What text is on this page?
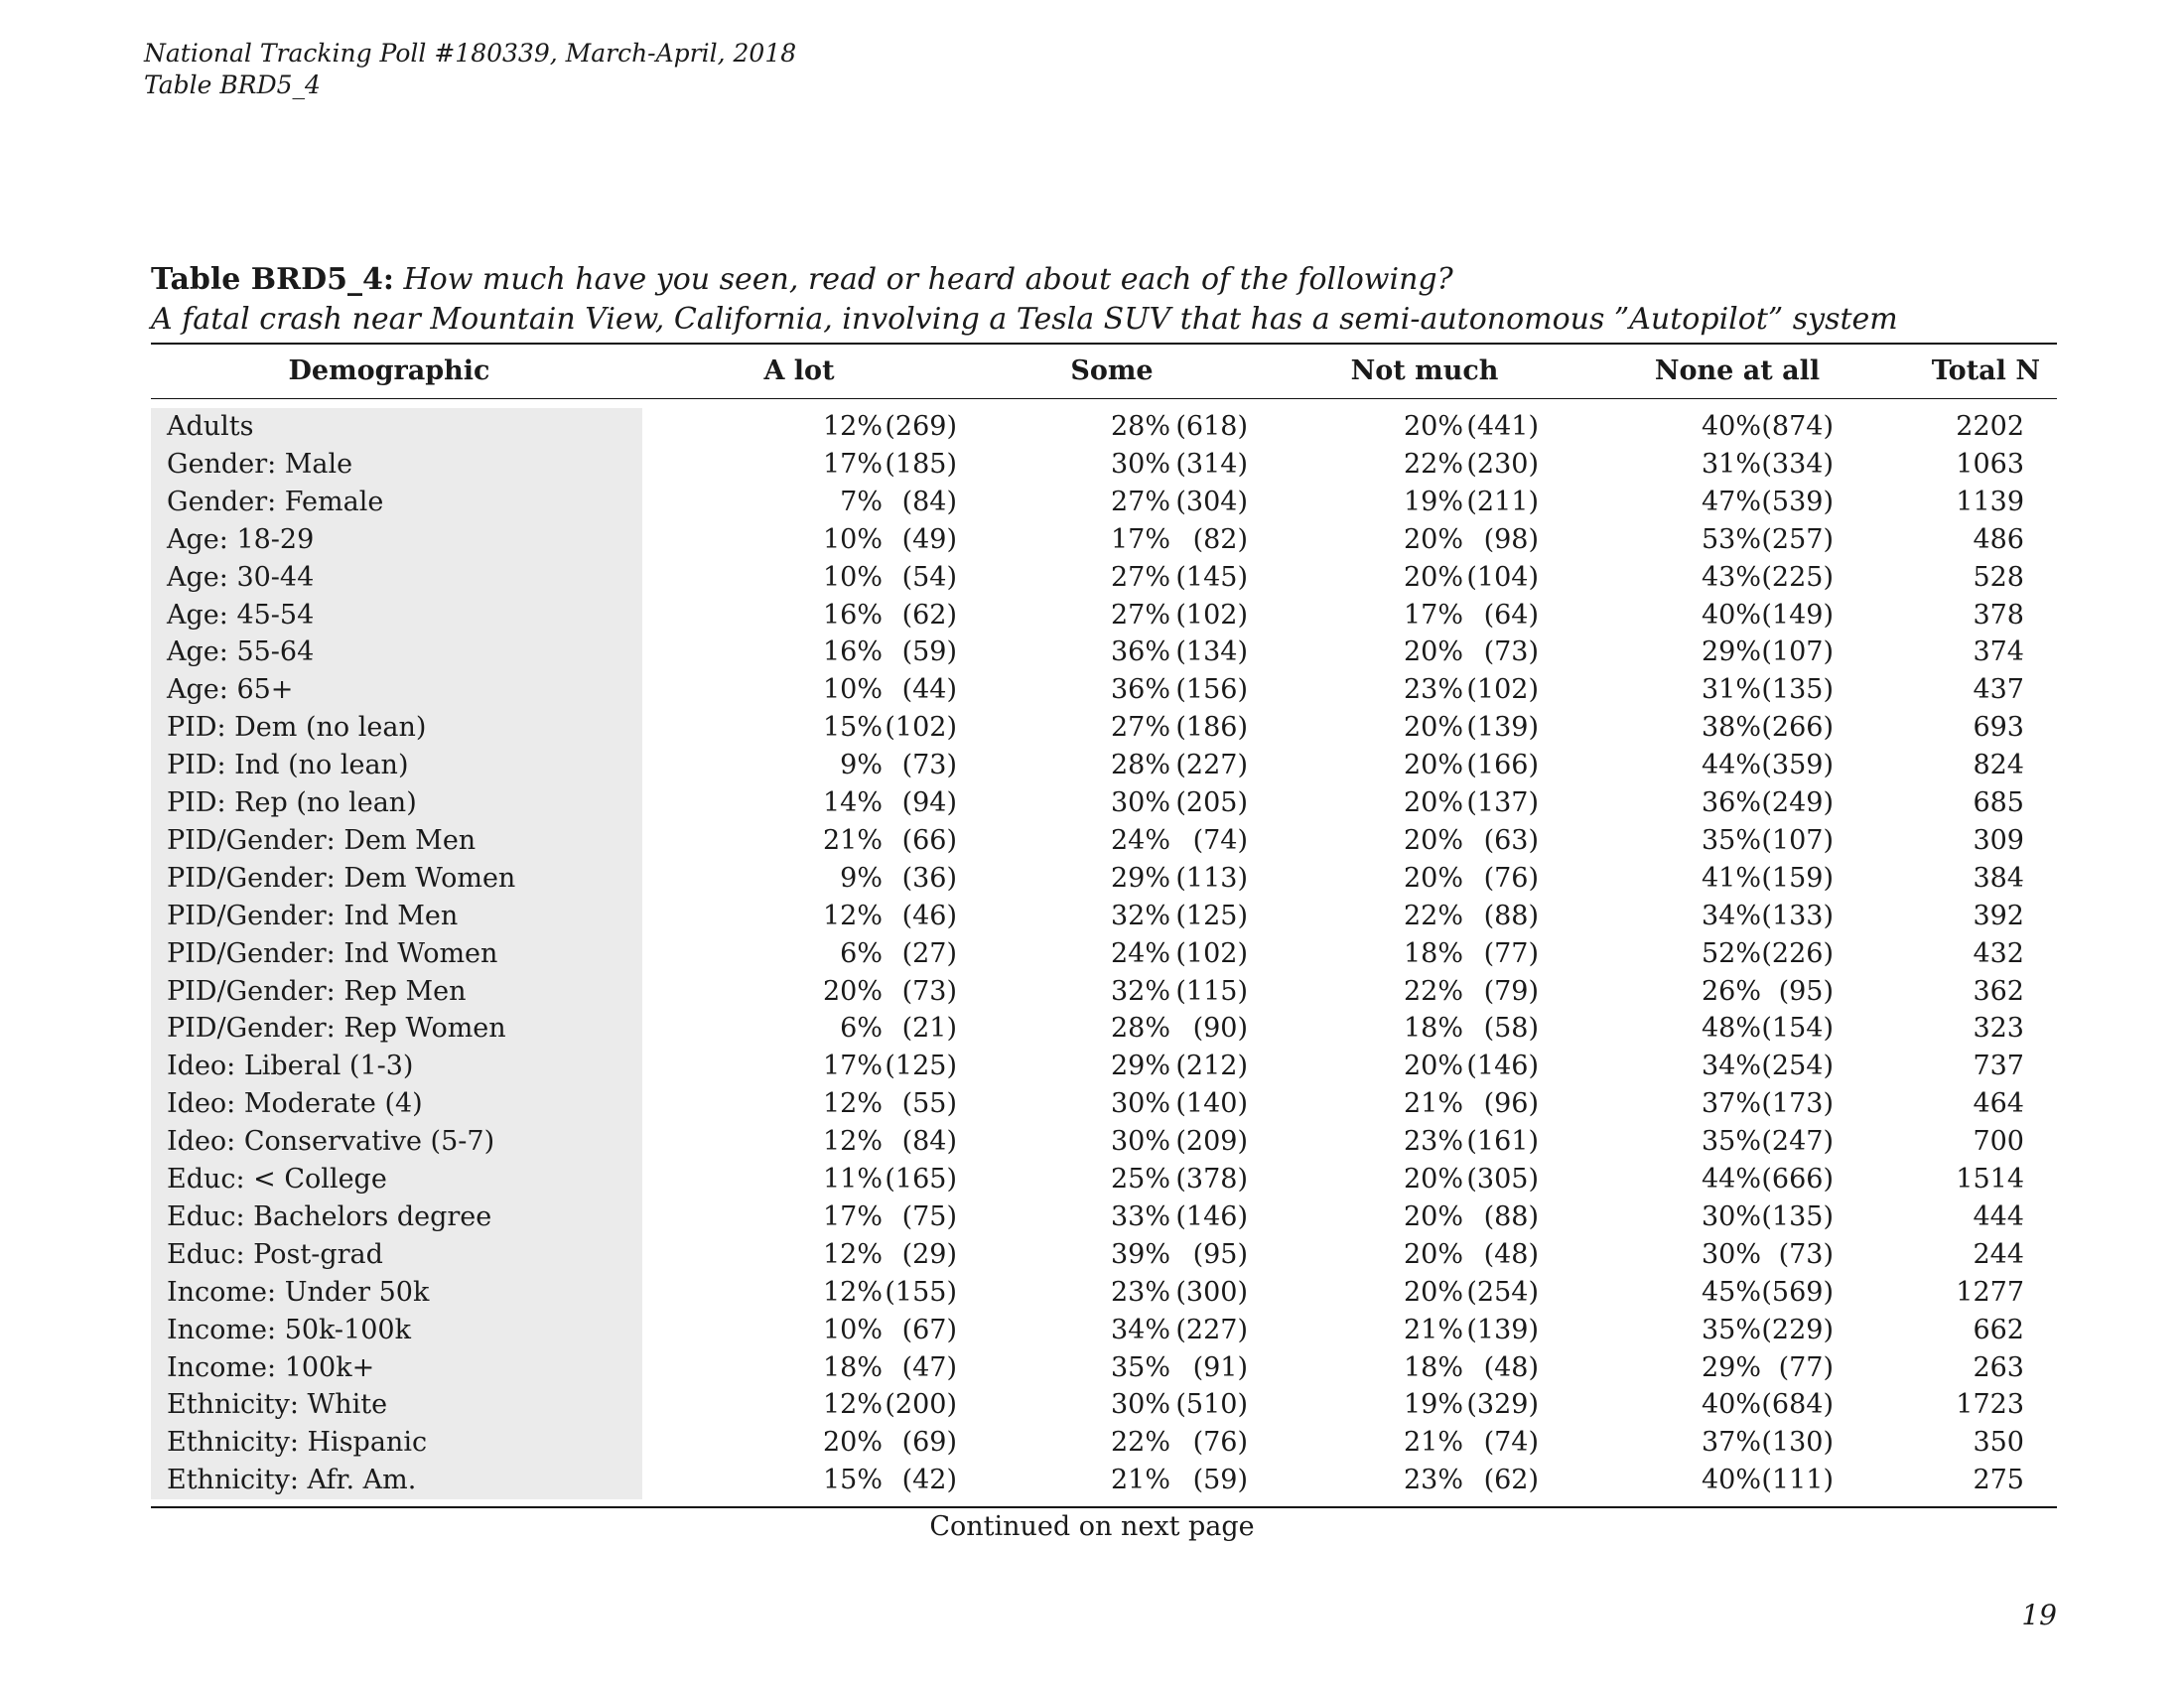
National Tracking Poll #180339, March-April, 2018
Table BRD5_4
Table BRD5_4: How much have you seen, read or heard about each of the following?
A fatal crash near Mountain View, California, involving a Tesla SUV that has a semi-autonomous ”Autopilot” system
Demographic	A lot	Some	Not much	None at all	Total N
Adults	12% (269)	28% (618)	20% (441)	40% (874)	2202
Gender: Male	17% (185)	30% (314)	22% (230)	31% (334)	1063
Gender: Female	7% (84)	27% (304)	19% (211)	47% (539)	1139
Age: 18-29	10% (49)	17% (82)	20% (98)	53% (257)	486
Age: 30-44	10% (54)	27% (145)	20% (104)	43% (225)	528
Age: 45-54	16% (62)	27% (102)	17% (64)	40% (149)	378
Age: 55-64	16% (59)	36% (134)	20% (73)	29% (107)	374
Age: 65+	10% (44)	36% (156)	23% (102)	31% (135)	437
PID: Dem (no lean)	15% (102)	27% (186)	20% (139)	38% (266)	693
PID: Ind (no lean)	9% (73)	28% (227)	20% (166)	44% (359)	824
PID: Rep (no lean)	14% (94)	30% (205)	20% (137)	36% (249)	685
PID/Gender: Dem Men	21% (66)	24% (74)	20% (63)	35% (107)	309
PID/Gender: Dem Women	9% (36)	29% (113)	20% (76)	41% (159)	384
PID/Gender: Ind Men	12% (46)	32% (125)	22% (88)	34% (133)	392
PID/Gender: Ind Women	6% (27)	24% (102)	18% (77)	52% (226)	432
PID/Gender: Rep Men	20% (73)	32% (115)	22% (79)	26% (95)	362
PID/Gender: Rep Women	6% (21)	28% (90)	18% (58)	48% (154)	323
Ideo: Liberal (1-3)	17% (125)	29% (212)	20% (146)	34% (254)	737
Ideo: Moderate (4)	12% (55)	30% (140)	21% (96)	37% (173)	464
Ideo: Conservative (5-7)	12% (84)	30% (209)	23% (161)	35% (247)	700
Educ: < College	11% (165)	25% (378)	20% (305)	44% (666)	1514
Educ: Bachelors degree	17% (75)	33% (146)	20% (88)	30% (135)	444
Educ: Post-grad	12% (29)	39% (95)	20% (48)	30% (73)	244
Income: Under 50k	12% (155)	23% (300)	20% (254)	45% (569)	1277
Income: 50k-100k	10% (67)	34% (227)	21% (139)	35% (229)	662
Income: 100k+	18% (47)	35% (91)	18% (48)	29% (77)	263
Ethnicity: White	12% (200)	30% (510)	19% (329)	40% (684)	1723
Ethnicity: Hispanic	20% (69)	22% (76)	21% (74)	37% (130)	350
Ethnicity: Afr. Am.	15% (42)	21% (59)	23% (62)	40% (111)	275
Continued on next page
19
